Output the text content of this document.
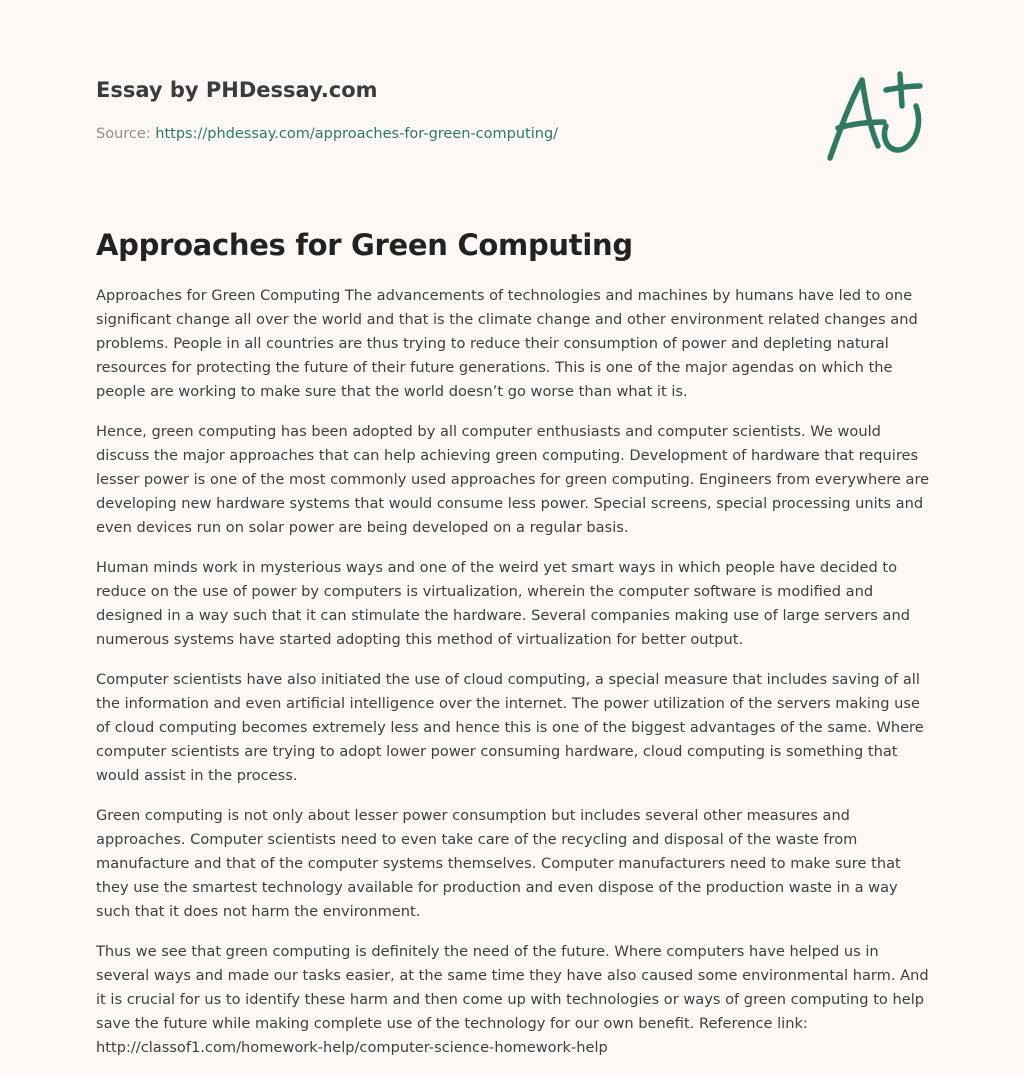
Essay by PHDessay.com
Source: https://phdessay.com/approaches-for-green-computing/
Approaches for Green Computing

Approaches for Green Computing The advancements of technologies and machines by humans have led to one significant change all over the world and that is the climate change and other environment related changes and problems. People in all countries are thus trying to reduce their consumption of power and depleting natural resources for protecting the future of their future generations. This is one of the major agendas on which the people are working to make sure that the world doesn’t go worse than what it is.

Hence, green computing has been adopted by all computer enthusiasts and computer scientists. We would discuss the major approaches that can help achieving green computing. Development of hardware that requires lesser power is one of the most commonly used approaches for green computing. Engineers from everywhere are developing new hardware systems that would consume less power. Special screens, special processing units and even devices run on solar power are being developed on a regular basis.

Human minds work in mysterious ways and one of the weird yet smart ways in which people have decided to reduce on the use of power by computers is virtualization, wherein the computer software is modified and designed in a way such that it can stimulate the hardware. Several companies making use of large servers and numerous systems have started adopting this method of virtualization for better output.

Computer scientists have also initiated the use of cloud computing, a special measure that includes saving of all the information and even artificial intelligence over the internet. The power utilization of the servers making use of cloud computing becomes extremely less and hence this is one of the biggest advantages of the same. Where computer scientists are trying to adopt lower power consuming hardware, cloud computing is something that would assist in the process.

Green computing is not only about lesser power consumption but includes several other measures and approaches. Computer scientists need to even take care of the recycling and disposal of the waste from manufacture and that of the computer systems themselves. Computer manufacturers need to make sure that they use the smartest technology available for production and even dispose of the production waste in a way such that it does not harm the environment.

Thus we see that green computing is definitely the need of the future. Where computers have helped us in several ways and made our tasks easier, at the same time they have also caused some environmental harm. And it is crucial for us to identify these harm and then come up with technologies or ways of green computing to help save the future while making complete use of the technology for our own benefit. Reference link: http://classof1.com/homework-help/computer-science-homework-help
